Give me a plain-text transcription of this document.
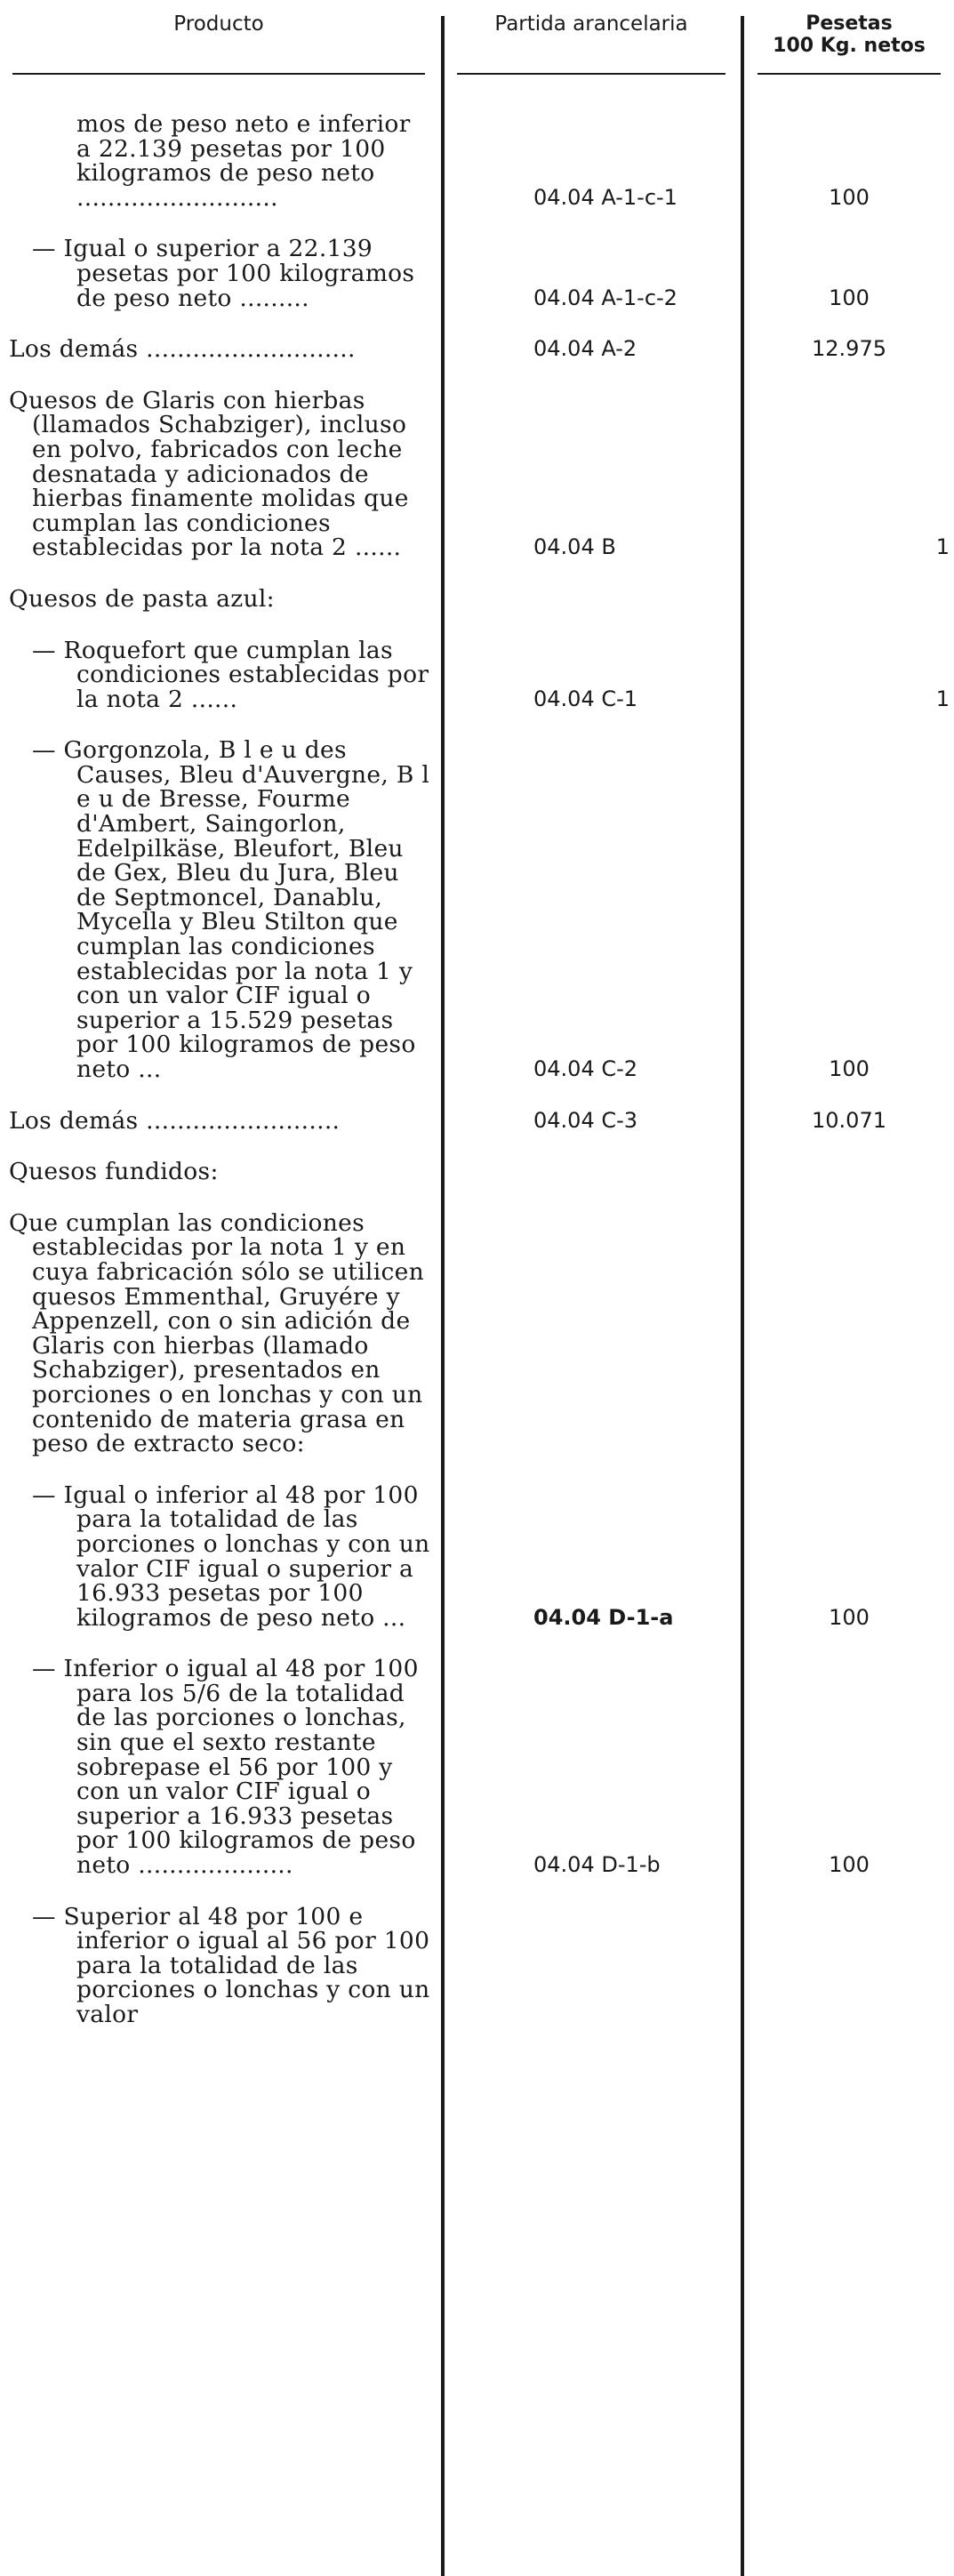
Producto	Partida arancelaria	Pesetas
100 Kg. netos
mos de peso neto e inferior a 22.139 pesetas por 100 kilogramos de peso neto ..........................	04.04 A-1-c-1	100
— Igual o superior a 22.139 pesetas por 100 kilogramos de peso neto .........	04.04 A-1-c-2	100
Los demás ...........................	04.04 A-2	12.975
Quesos de Glaris con hierbas (llamados Schabziger), incluso en polvo, fabricados con leche desnatada y adicionados de hierbas finamente molidas que cumplan las condiciones establecidas por la nota 2 ......	04.04 B	1
Quesos de pasta azul:
— Roquefort que cumplan las condiciones establecidas por la nota 2 ......	04.04 C-1	1
— Gorgonzola, B l e u des Causes, Bleu d'Auvergne, B l e u de Bresse, Fourme d'Ambert, Saingorlon, Edelpilkäse, Bleufort, Bleu de Gex, Bleu du Jura, Bleu de Septmoncel, Danablu, Mycella y Bleu Stilton que cumplan las condiciones establecidas por la nota 1 y con un valor CIF igual o superior a 15.529 pesetas por 100 kilogramos de peso neto ...	04.04 C-2	100
Los demás .........................	04.04 C-3	10.071
Quesos fundidos:
Que cumplan las condiciones establecidas por la nota 1 y en cuya fabricación sólo se utilicen quesos Emmenthal, Gruyére y Appenzell, con o sin adición de Glaris con hierbas (llamado Schabziger), presentados en porciones o en lonchas y con un contenido de materia grasa en peso de extracto seco:
— Igual o inferior al 48 por 100 para la totalidad de las porciones o lonchas y con un valor CIF igual o superior a 16.933 pesetas por 100 kilogramos de peso neto ...	04.04 D-1-a	100
— Inferior o igual al 48 por 100 para los 5/6 de la totalidad de las porciones o lonchas, sin que el sexto restante sobrepase el 56 por 100 y con un valor CIF igual o superior a 16.933 pesetas por 100 kilogramos de peso neto ....................	04.04 D-1-b	100
— Superior al 48 por 100 e inferior o igual al 56 por 100 para la totalidad de las porciones o lonchas y con un valor
